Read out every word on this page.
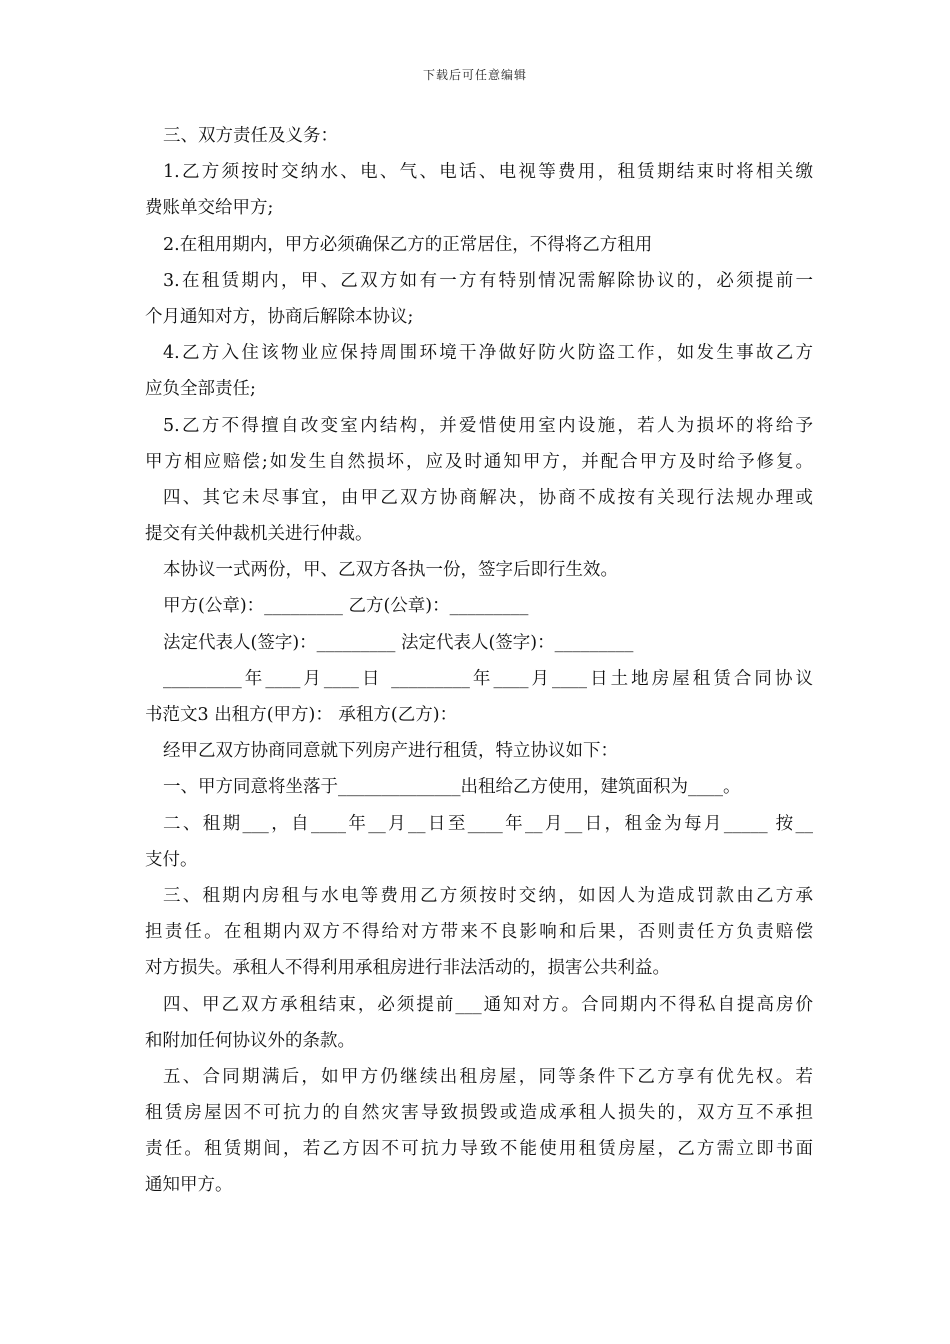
下载后可任意编辑
三、双方责任及义务：
1.乙方须按时交纳水、电、气、电话、电视等费用，租赁期结束时将相关缴
费账单交给甲方;
2.在租用期内，甲方必须确保乙方的正常居住，不得将乙方租用
3.在租赁期内，甲、乙双方如有一方有特别情况需解除协议的，必须提前一
个月通知对方，协商后解除本协议;
4.乙方入住该物业应保持周围环境干净做好防火防盗工作，如发生事故乙方
应负全部责任;
5.乙方不得擅自改变室内结构，并爱惜使用室内设施，若人为损坏的将给予
甲方相应赔偿;如发生自然损坏，应及时通知甲方，并配合甲方及时给予修复。
四、其它未尽事宜，由甲乙双方协商解决，协商不成按有关现行法规办理或
提交有关仲裁机关进行仲裁。
本协议一式两份，甲、乙双方各执一份，签字后即行生效。
甲方(公章)：_________ 乙方(公章)：_________
法定代表人(签字)：_________ 法定代表人(签字)：_________
_________年____月____日 _________年____月____日土地房屋租赁合同协议
书范文3 出租方(甲方)： 承租方(乙方)：
经甲乙双方协商同意就下列房产进行租赁，特立协议如下：
一、甲方同意将坐落于______________出租给乙方使用，建筑面积为____。
二、租期___，自____年__月__日至____年__月__日，租金为每月_____ 按__
支付。
三、租期内房租与水电等费用乙方须按时交纳，如因人为造成罚款由乙方承
担责任。在租期内双方不得给对方带来不良影响和后果，否则责任方负责赔偿
对方损失。承租人不得利用承租房进行非法活动的，损害公共利益。
四、甲乙双方承租结束，必须提前___通知对方。合同期内不得私自提高房价
和附加任何协议外的条款。
五、合同期满后，如甲方仍继续出租房屋，同等条件下乙方享有优先权。若
租赁房屋因不可抗力的自然灾害导致损毁或造成承租人损失的，双方互不承担
责任。租赁期间，若乙方因不可抗力导致不能使用租赁房屋，乙方需立即书面
通知甲方。
